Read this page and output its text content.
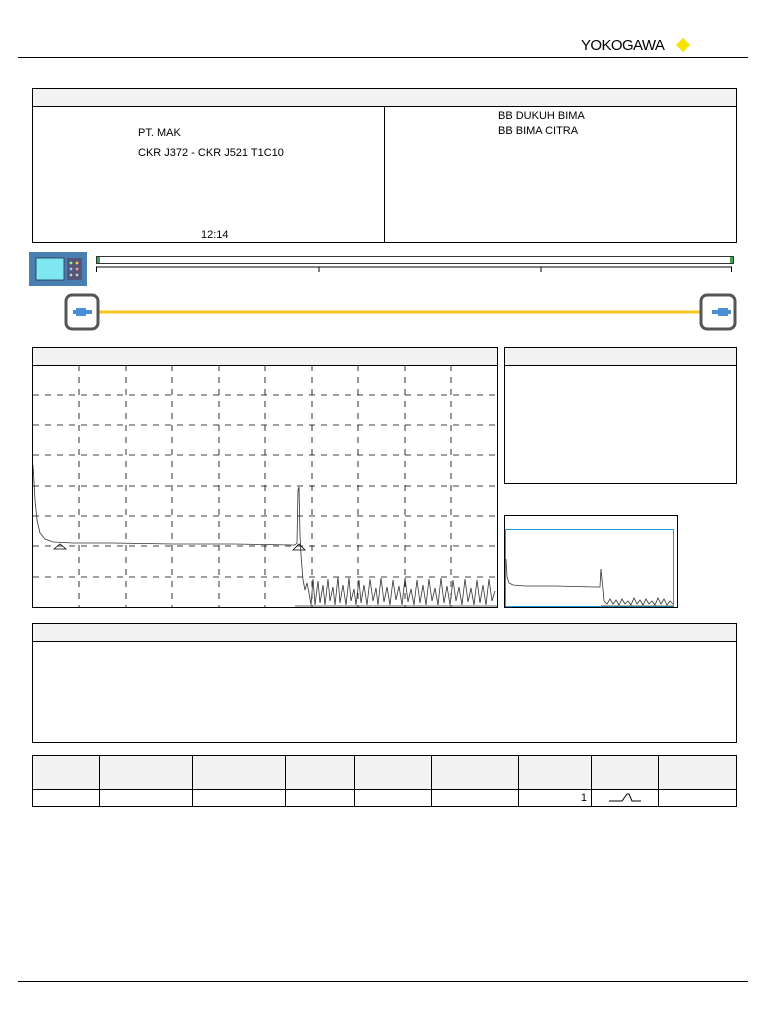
YOKOGAWA
PT. MAK
CKR J372 - CKR J521 T1C10
12:14
BB DUKUH BIMA
BB BIMA CITRA

						1		
